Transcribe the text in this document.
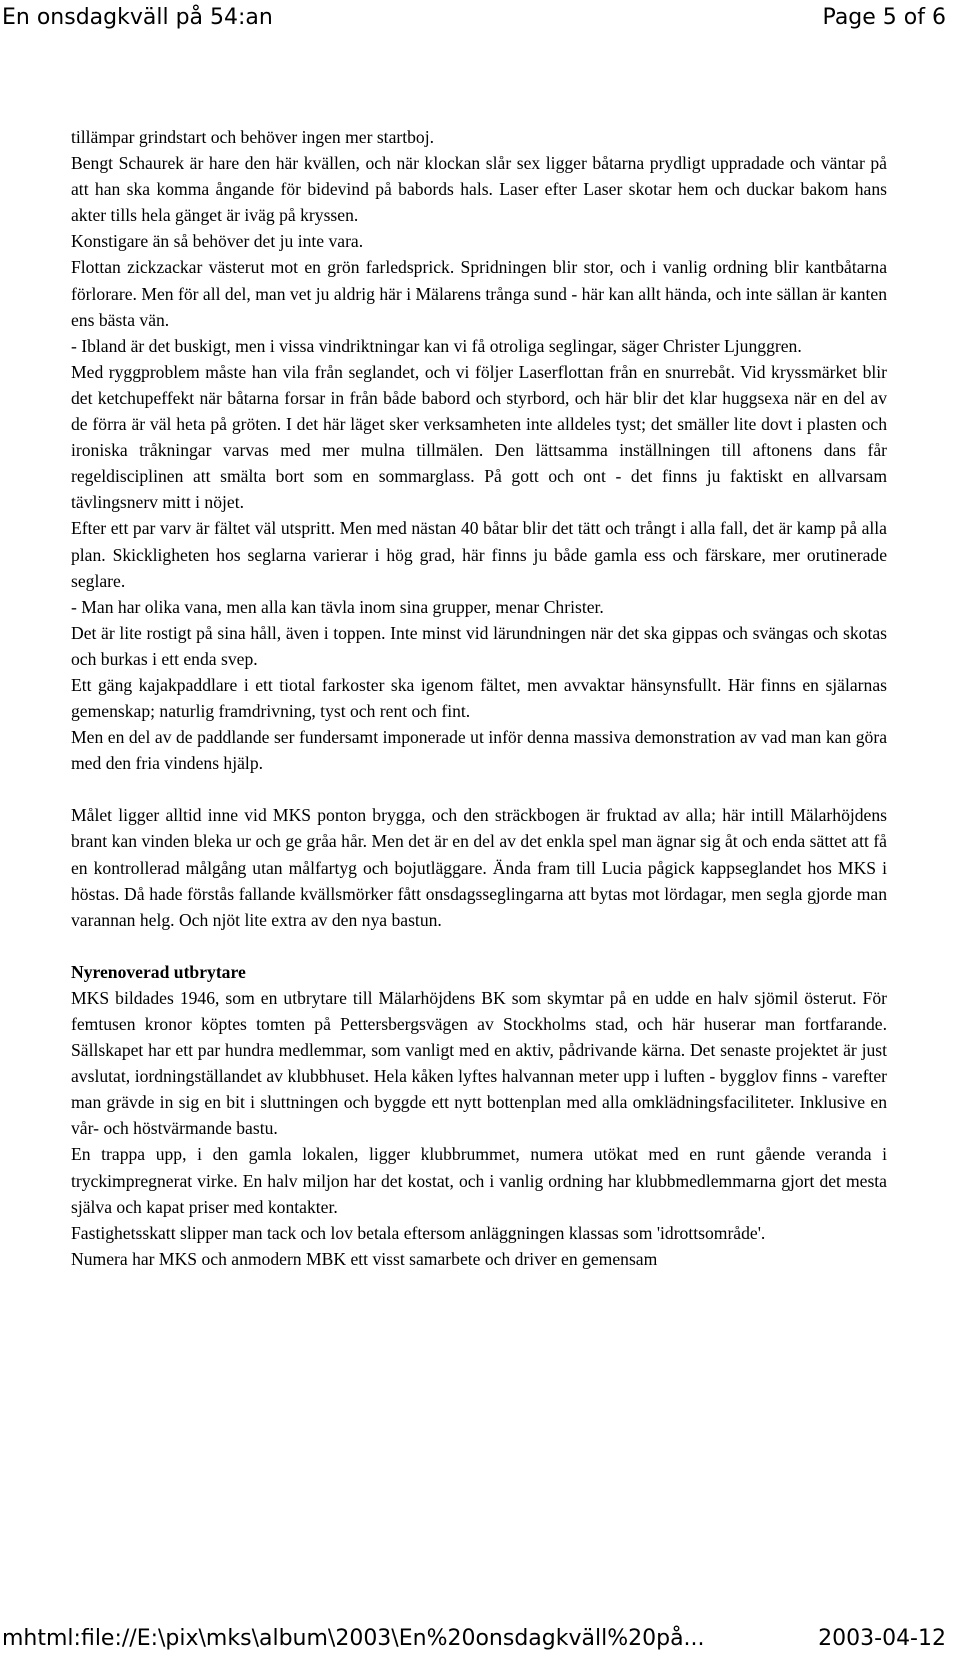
En onsdagkväll på 54:an	Page 5 of 6
tillämpar grindstart och behöver ingen mer startboj.
Bengt Schaurek är hare den här kvällen, och när klockan slår sex ligger båtarna prydligt uppradade och väntar på att han ska komma ångande för bidevind på babords hals. Laser efter Laser skotar hem och duckar bakom hans akter tills hela gänget är iväg på kryssen.
Konstigare än så behöver det ju inte vara.
Flottan zickzackar västerut mot en grön farledsprick. Spridningen blir stor, och i vanlig ordning blir kantbåtarna förlorare. Men för all del, man vet ju aldrig här i Mälarens trånga sund - här kan allt hända, och inte sällan är kanten ens bästa vän.
- Ibland är det buskigt, men i vissa vindriktningar kan vi få otroliga seglingar, säger Christer Ljunggren.
Med ryggproblem måste han vila från seglandet, och vi följer Laserflottan från en snurrebåt. Vid kryssmärket blir det ketchupeffekt när båtarna forsar in från både babord och styrbord, och här blir det klar huggsexa när en del av de förra är väl heta på gröten. I det här läget sker verksamheten inte alldeles tyst; det smäller lite dovt i plasten och ironiska tråkningar varvas med mer mulna tillmälen. Den lättsamma inställningen till aftonens dans får regeldisciplinen att smälta bort som en sommarglass. På gott och ont - det finns ju faktiskt en allvarsam tävlingsnerv mitt i nöjet.
Efter ett par varv är fältet väl utspritt. Men med nästan 40 båtar blir det tätt och trångt i alla fall, det är kamp på alla plan. Skickligheten hos seglarna varierar i hög grad, här finns ju både gamla ess och färskare, mer orutinerade seglare.
- Man har olika vana, men alla kan tävla inom sina grupper, menar Christer.
Det är lite rostigt på sina håll, även i toppen. Inte minst vid lärundningen när det ska gippas och svängas och skotas och burkas i ett enda svep.
Ett gäng kajakpaddlare i ett tiotal farkoster ska igenom fältet, men avvaktar hänsynsfullt. Här finns en själarnas gemenskap; naturlig framdrivning, tyst och rent och fint.
Men en del av de paddlande ser fundersamt imponerade ut inför denna massiva demonstration av vad man kan göra med den fria vindens hjälp.
Målet ligger alltid inne vid MKS ponton brygga, och den sträckbogen är fruktad av alla; här intill Mälarhöjdens brant kan vinden bleka ur och ge gråa hår. Men det är en del av det enkla spel man ägnar sig åt och enda sättet att få en kontrollerad målgång utan målfartyg och bojutläggare. Ända fram till Lucia pågick kappseglandet hos MKS i höstas. Då hade förstås fallande kvällsmörker fått onsdagsseglingarna att bytas mot lördagar, men segla gjorde man varannan helg. Och njöt lite extra av den nya bastun.
Nyrenoverad utbrytare
MKS bildades 1946, som en utbrytare till Mälarhöjdens BK som skymtar på en udde en halv sjömil österut. För femtusen kronor köptes tomten på Pettersbergsvägen av Stockholms stad, och här huserar man fortfarande. Sällskapet har ett par hundra medlemmar, som vanligt med en aktiv, pådrivande kärna. Det senaste projektet är just avslutat, iordningställandet av klubbhuset. Hela kåken lyftes halvannan meter upp i luften - bygglov finns - varefter man grävde in sig en bit i sluttningen och byggde ett nytt bottenplan med alla omklädningsfaciliteter. Inklusive en vår- och höstvärmande bastu.
En trappa upp, i den gamla lokalen, ligger klubbrummet, numera utökat med en runt gående veranda i tryckimpregnerat virke. En halv miljon har det kostat, och i vanlig ordning har klubbmedlemmarna gjort det mesta själva och kapat priser med kontakter.
Fastighetsskatt slipper man tack och lov betala eftersom anläggningen klassas som 'idrottsområde'.
Numera har MKS och anmodern MBK ett visst samarbete och driver en gemensam
mhtml:file://E:\pix\mks\album\2003\En%20onsdagkväll%20på...	2003-04-12
